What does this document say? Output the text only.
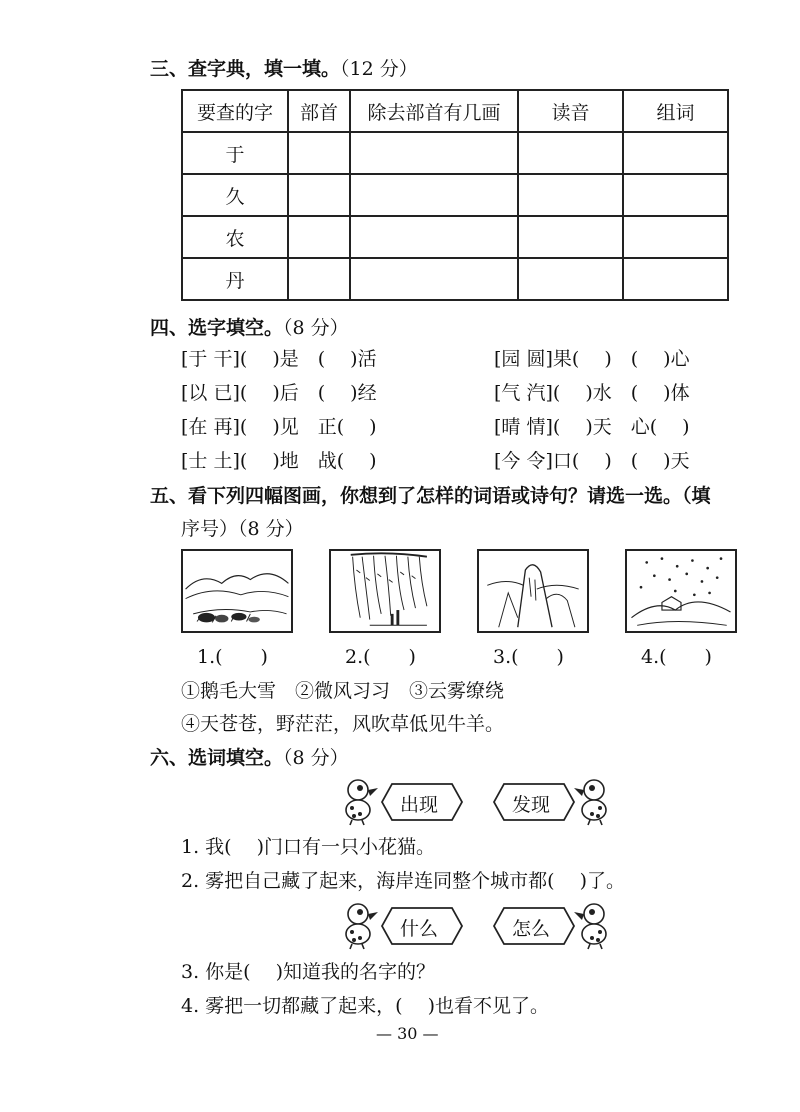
三、查字典，填一填。（12 分）
要查的字	部首	除去部首有几画	读音	组词
于				
久				
农				
丹				
四、选字填空。（8 分）
[于 干](　 )是　(　 )活	[园 圆]果(　 )　(　 )心
[以 已](　 )后　(　 )经	[气 汽](　 )水　(　 )体
[在 再](　 )见　正(　 )	[晴 情](　 )天　心(　 )
[士 土](　 )地　战(　 )	[今 令]口(　 )　(　 )天
五、看下列四幅图画，你想到了怎样的词语或诗句？请选一选。（填
序号）（8 分）
1.(　　)	2.(　　)	3.(　　)	4.(　　)
①鹅毛大雪　②微风习习　③云雾缭绕
④天苍苍，野茫茫，风吹草低见牛羊。
六、选词填空。（8 分）
出现	发现
1. 我(　 )门口有一只小花猫。
2. 雾把自己藏了起来，海岸连同整个城市都(　 )了。
什么	怎么
3. 你是(　 )知道我的名字的？
4. 雾把一切都藏了起来，(　 )也看不见了。
— 30 —
